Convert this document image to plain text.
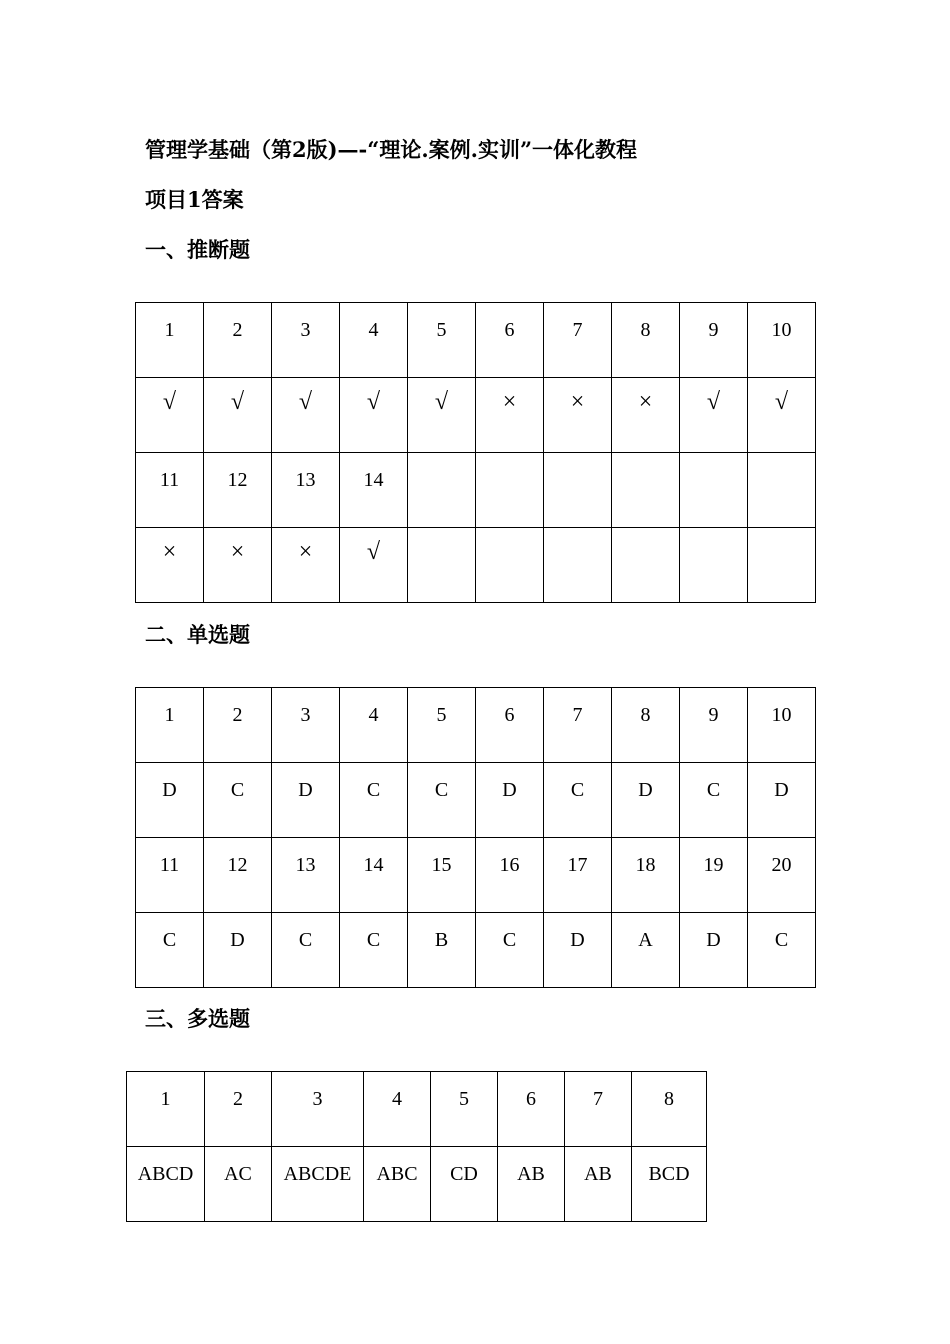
管理学基础（第2版)—-“理论.案例.实训”一体化教程
项目1答案
一、推断题
1	2	3	4	5	6	7	8	9	10

√	√	√	√	√	×	×	×	√	√

11	12	13	14						

×	×	×	√						

二、单选题
1	2	3	4	5	6	7	8	9	10

D	C	D	C	C	D	C	D	C	D

11	12	13	14	15	16	17	18	19	20

C	D	C	C	B	C	D	A	D	C
三、多选题
1	2	3	4	5	6	7	8

ABCD	AC	ABCDE	ABC	CD	AB	AB	BCD
